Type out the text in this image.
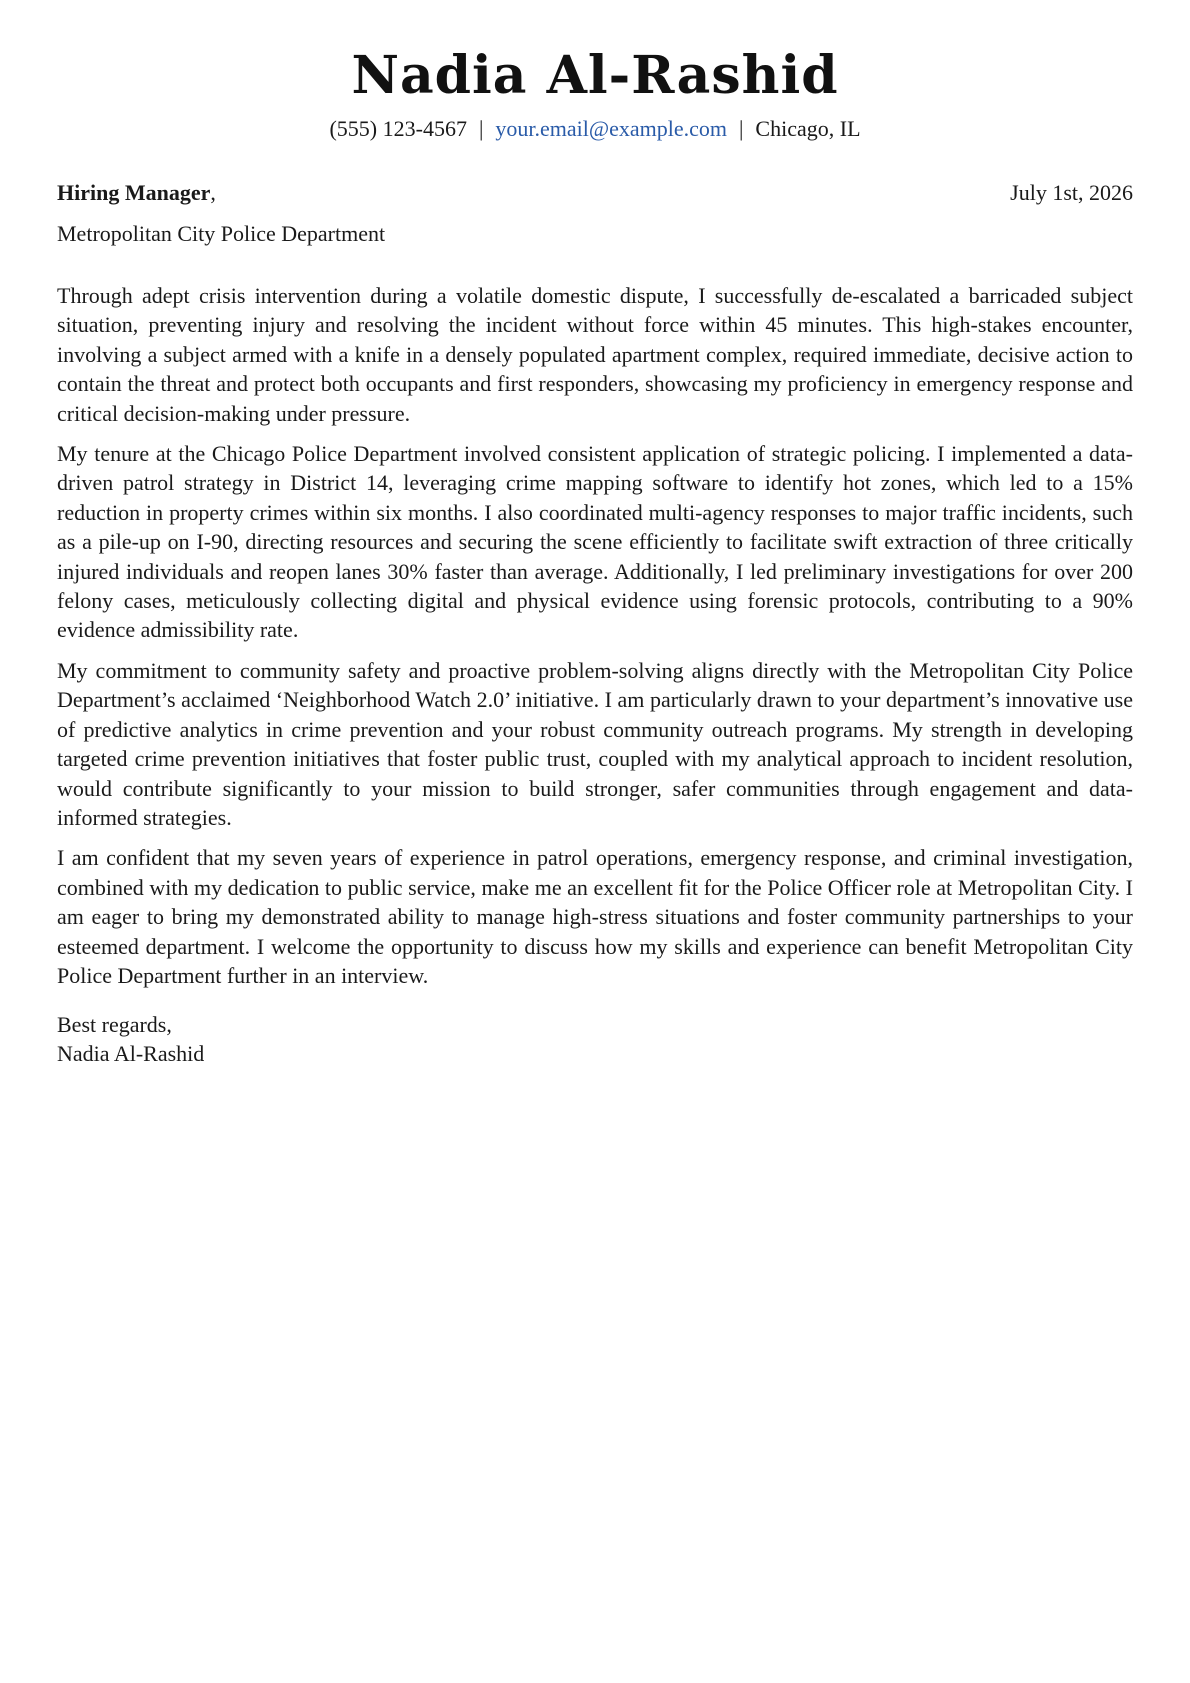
Nadia Al-Rashid
(555) 123-4567 | your.email@example.com | Chicago, IL
Hiring Manager,	July 1st, 2026
Metropolitan City Police Department

Through adept crisis intervention during a volatile domestic dispute, I successfully de-escalated a barricaded subject situation, preventing injury and resolving the incident without force within 45 minutes. This high-stakes encounter, involving a subject armed with a knife in a densely populated apartment complex, required immediate, decisive action to contain the threat and protect both occupants and first responders, showcasing my proficiency in emergency response and critical decision-making under pressure.

My tenure at the Chicago Police Department involved consistent application of strategic policing. I implemented a data-driven patrol strategy in District 14, leveraging crime mapping software to identify hot zones, which led to a 15% reduction in property crimes within six months. I also coordinated multi-agency responses to major traffic incidents, such as a pile-up on I-90, directing resources and securing the scene efficiently to facilitate swift extraction of three critically injured individuals and reopen lanes 30% faster than average. Additionally, I led preliminary investigations for over 200 felony cases, meticulously collecting digital and physical evidence using forensic protocols, contributing to a 90% evidence admissibility rate.

My commitment to community safety and proactive problem-solving aligns directly with the Metropolitan City Police Department’s acclaimed ‘Neighborhood Watch 2.0’ initiative. I am particularly drawn to your department’s innovative use of predictive analytics in crime prevention and your robust community outreach programs. My strength in developing targeted crime prevention initiatives that foster public trust, coupled with my analytical approach to incident resolution, would contribute significantly to your mission to build stronger, safer communities through engagement and data-informed strategies.

I am confident that my seven years of experience in patrol operations, emergency response, and criminal investigation, combined with my dedication to public service, make me an excellent fit for the Police Officer role at Metropolitan City. I am eager to bring my demonstrated ability to manage high-stress situations and foster community partnerships to your esteemed department. I welcome the opportunity to discuss how my skills and experience can benefit Metropolitan City Police Department further in an interview.

Best regards,
Nadia Al-Rashid
